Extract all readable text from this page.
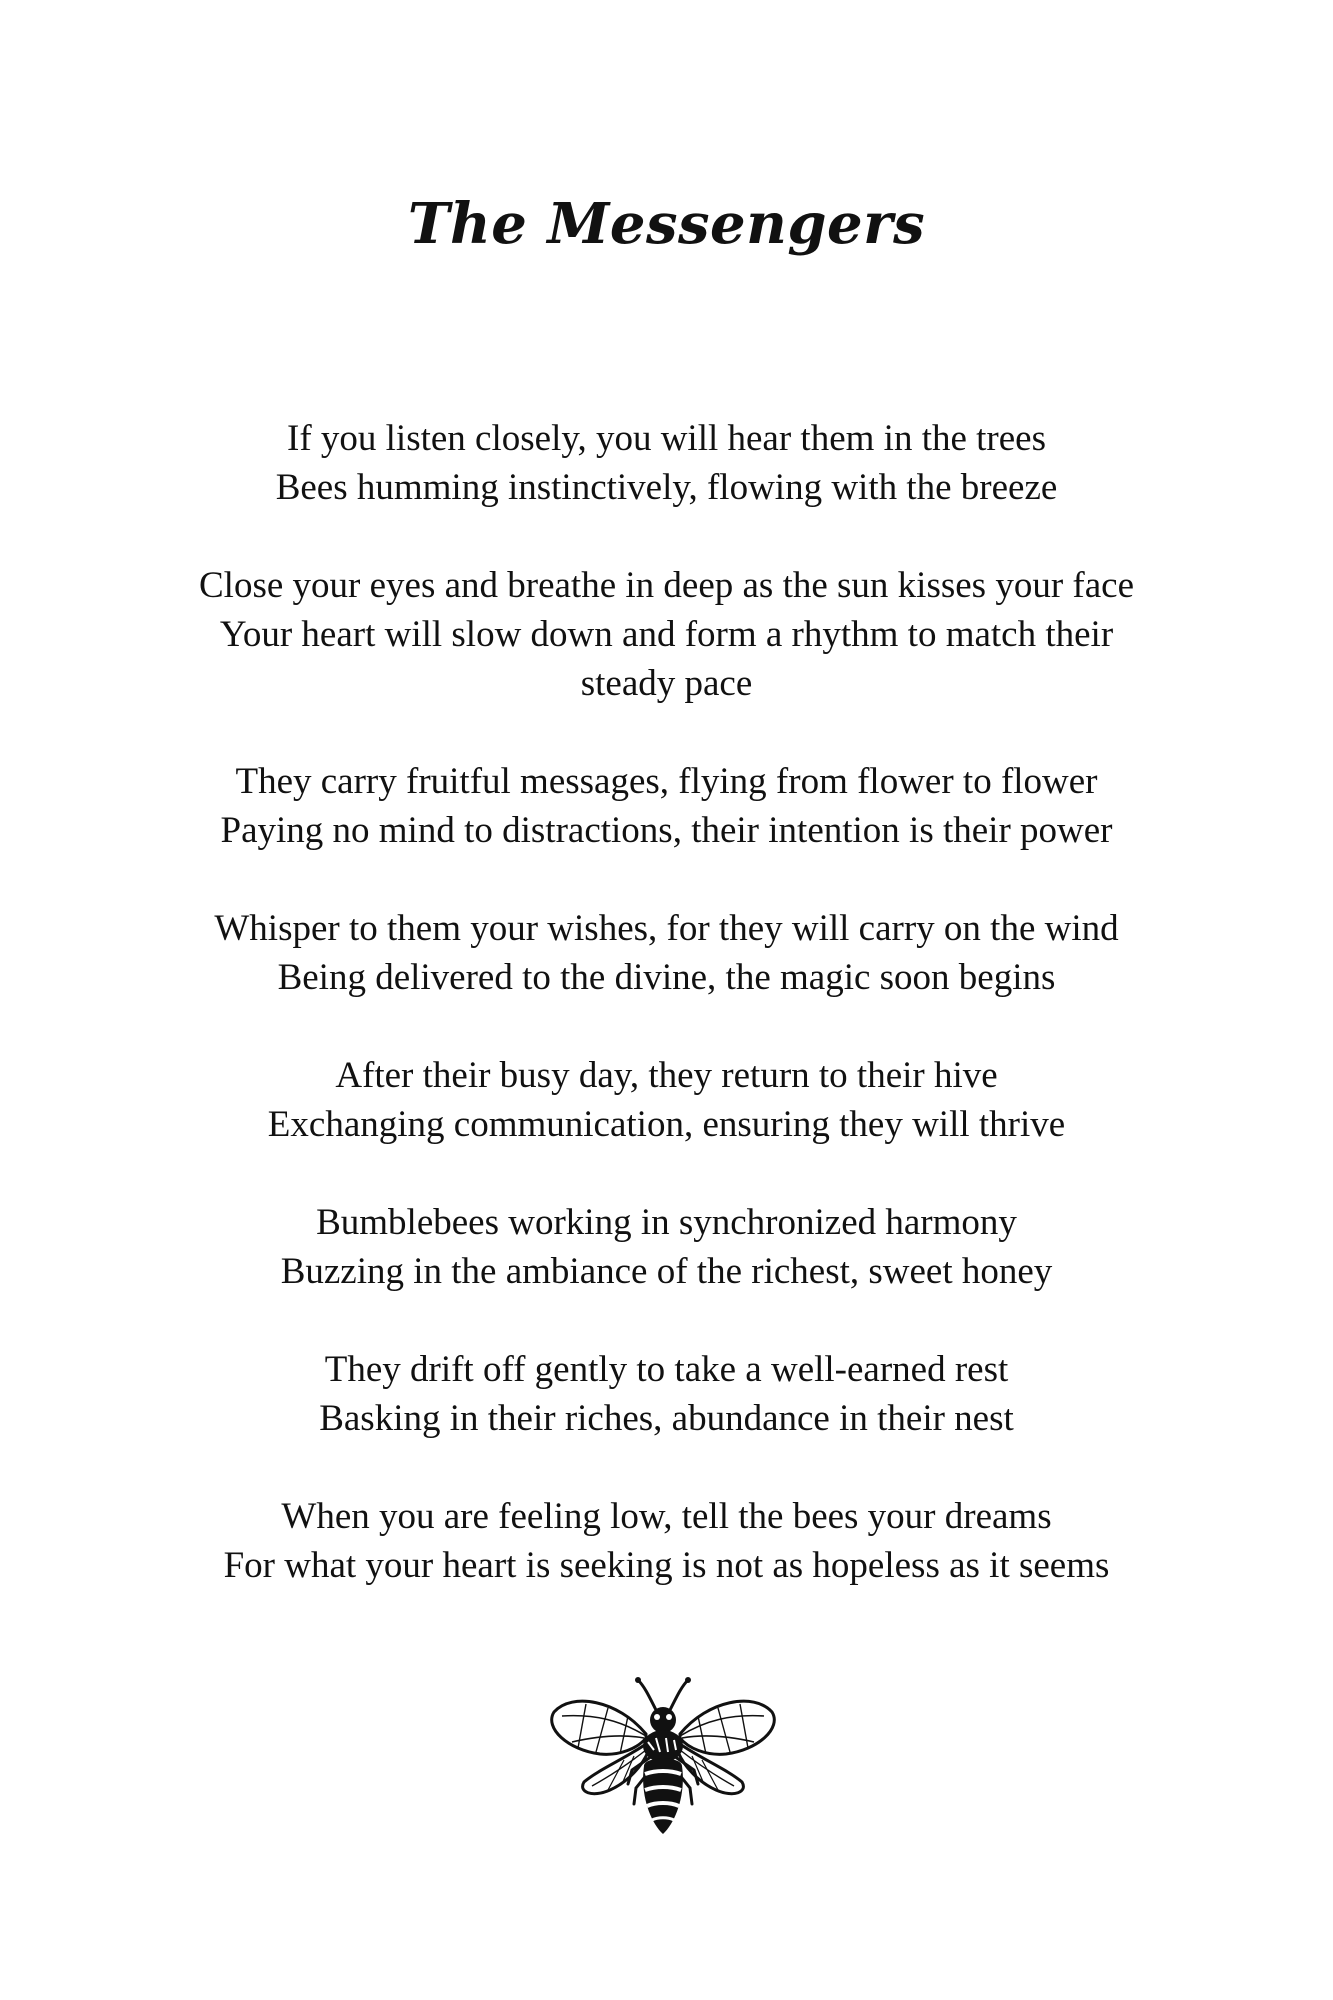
The Messengers
If you listen closely, you will hear them in the trees
Bees humming instinctively, flowing with the breeze
Close your eyes and breathe in deep as the sun kisses your face
Your heart will slow down and form a rhythm to match their
steady pace
They carry fruitful messages, flying from flower to flower
Paying no mind to distractions, their intention is their power
Whisper to them your wishes, for they will carry on the wind
Being delivered to the divine, the magic soon begins
After their busy day, they return to their hive
Exchanging communication, ensuring they will thrive
Bumblebees working in synchronized harmony
Buzzing in the ambiance of the richest, sweet honey
They drift off gently to take a well-earned rest
Basking in their riches, abundance in their nest
When you are feeling low, tell the bees your dreams
For what your heart is seeking is not as hopeless as it seems
